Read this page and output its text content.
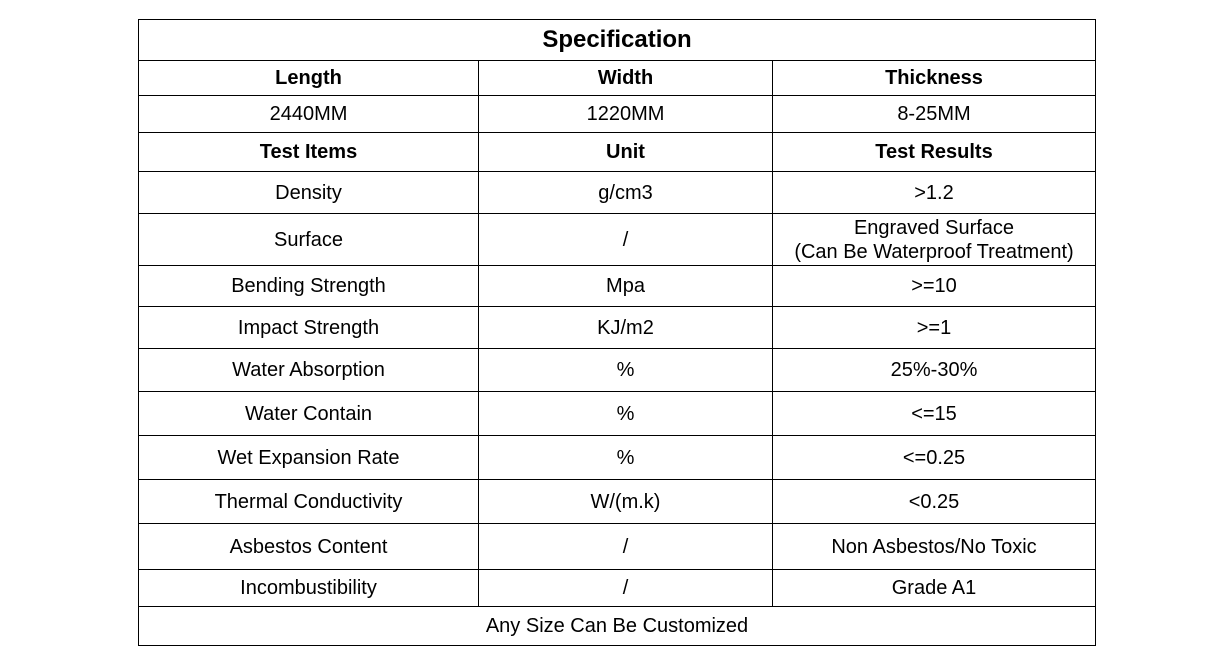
Specification		
Length	Width	Thickness
2440MM	1220MM	8-25MM
Test Items	Unit	Test Results
Density	g/cm3	>1.2
Surface	/	Engraved Surface
(Can Be Waterproof Treatment)

Bending Strength	Mpa	>=10
Impact Strength	KJ/m2	>=1
Water Absorption	%	25%-30%
Water Contain	%	<=15
Wet Expansion Rate	%	<=0.25
Thermal Conductivity	W/(m.k)	<0.25
Asbestos Content	/	Non Asbestos/No Toxic
Incombustibility	/	Grade A1
Any Size Can Be Customized		
